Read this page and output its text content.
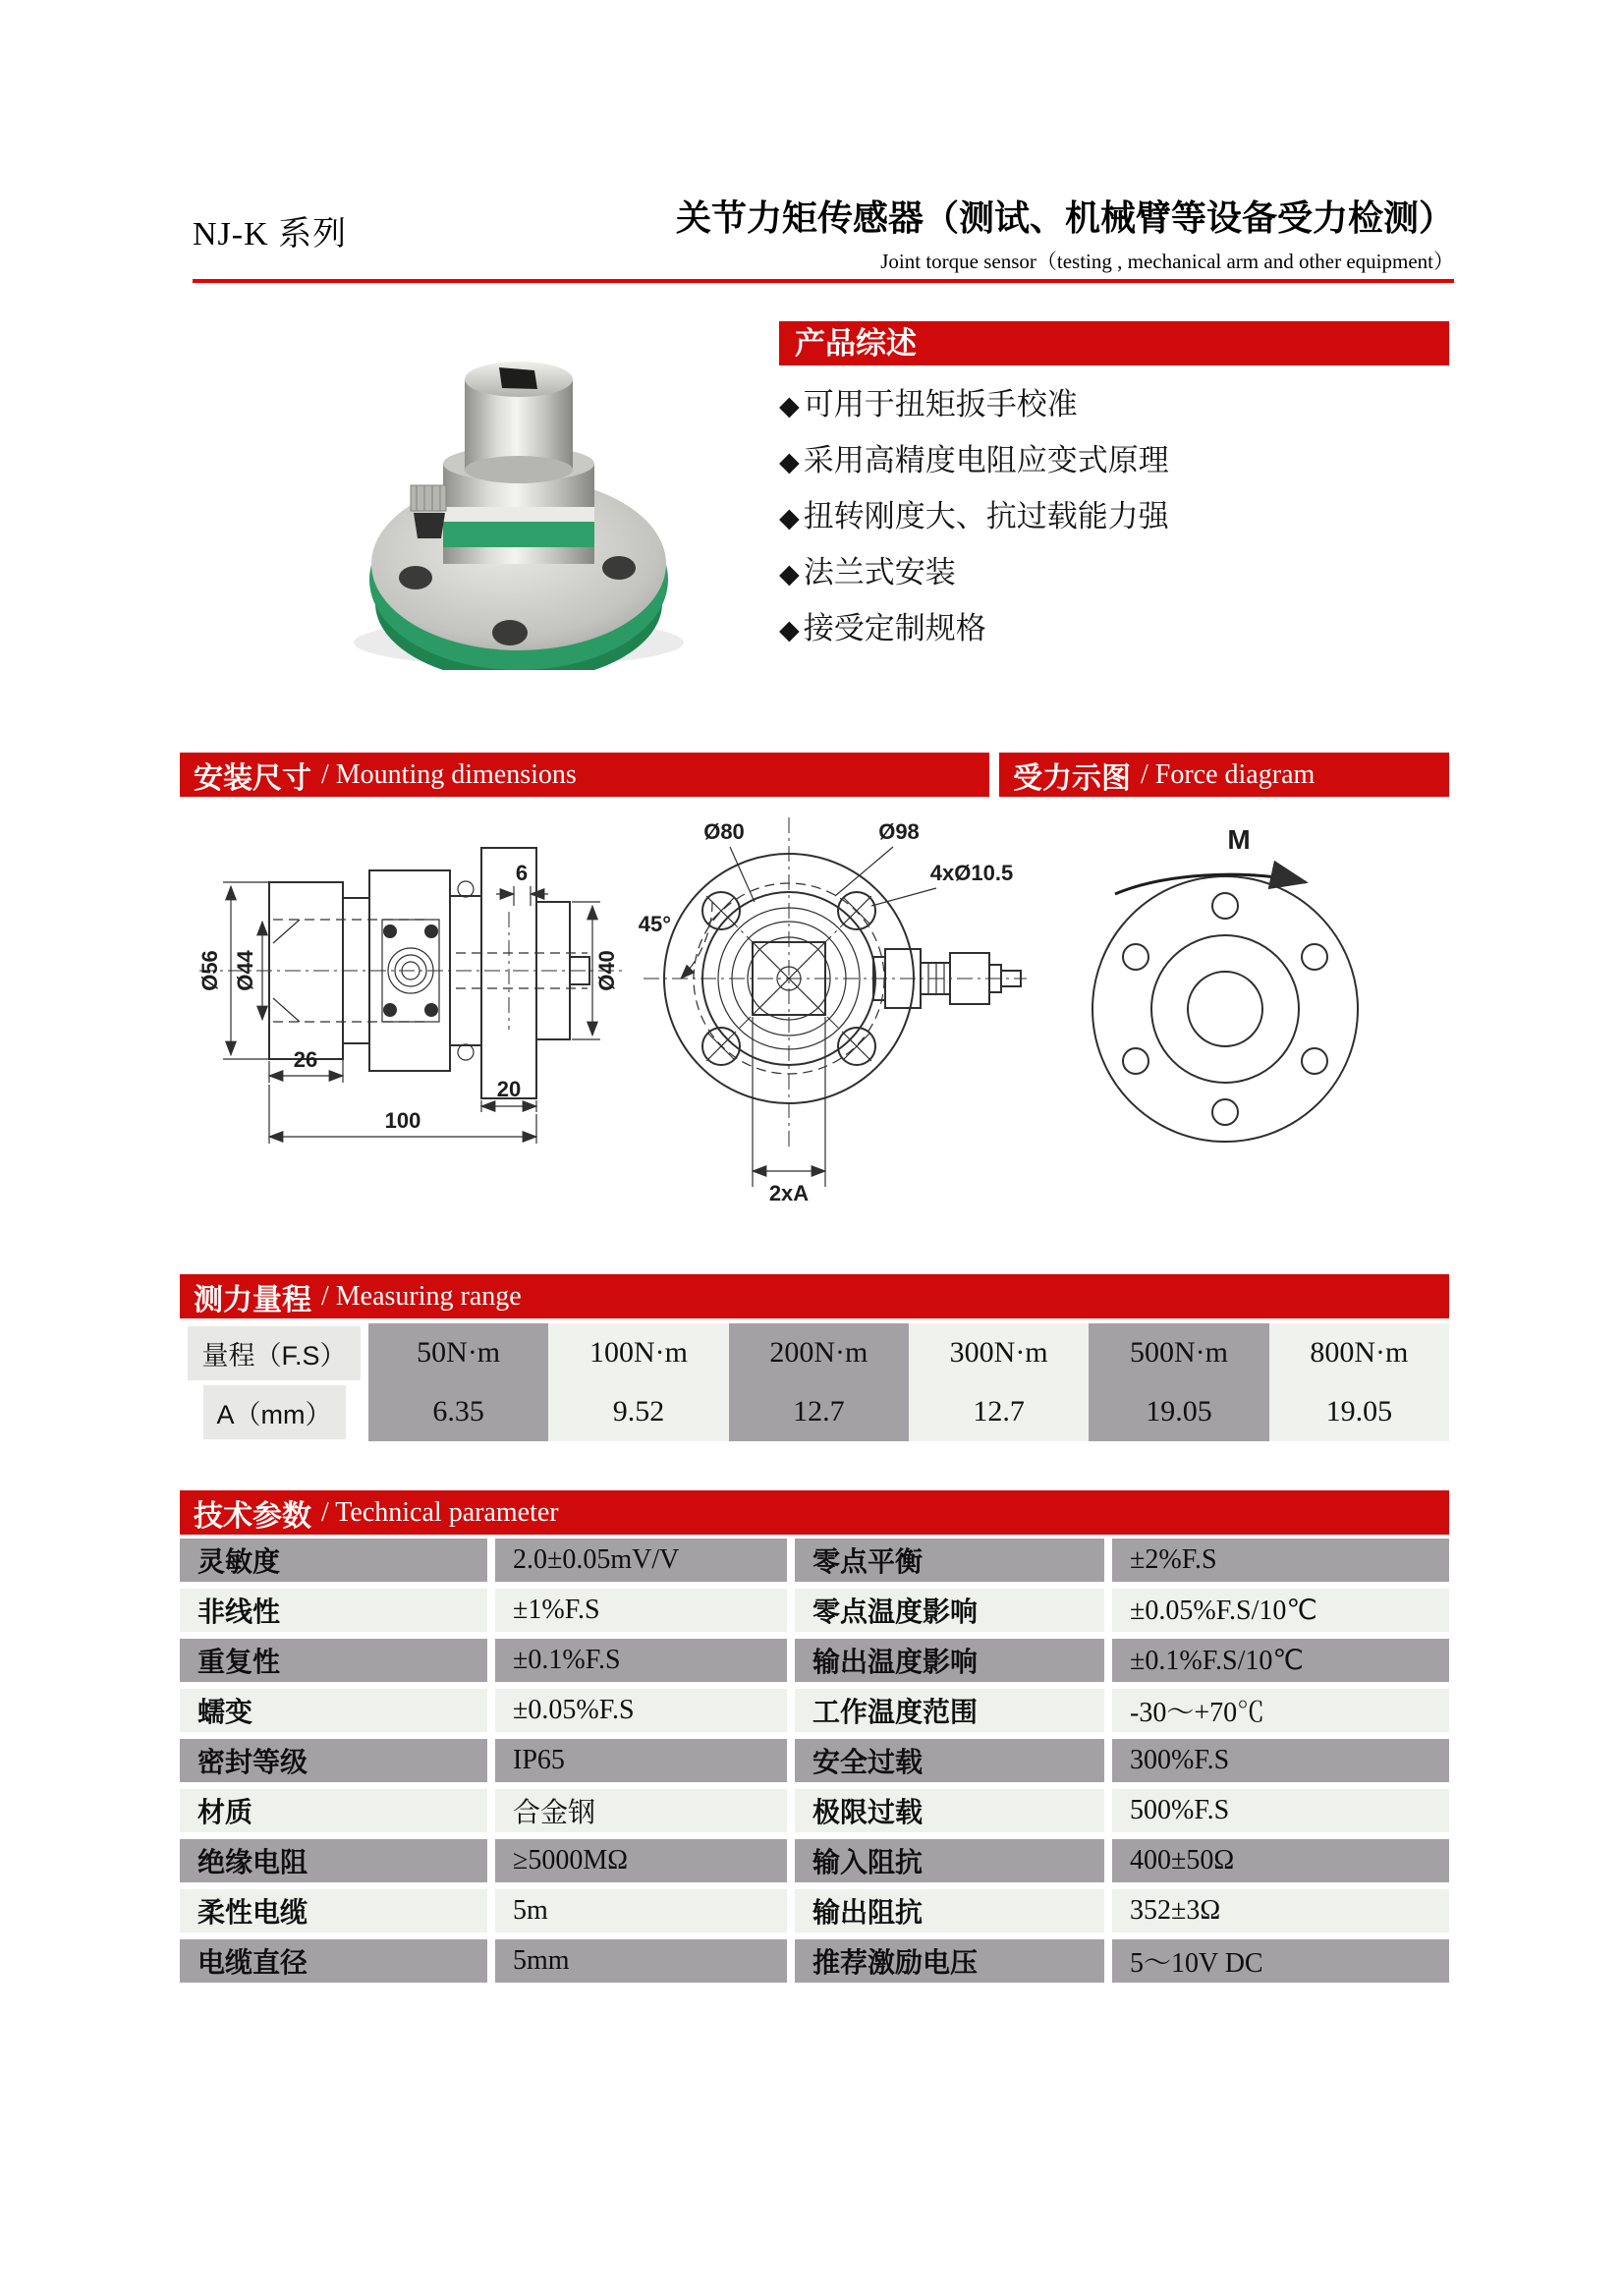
NJ-K 系列	关节力矩传感器（测试、机械臂等设备受力检测）
Joint torque sensor（testing , mechanical arm and other equipment）
产品综述
◆ 可用于扭矩扳手校准
◆ 采用高精度电阻应变式原理
◆ 扭转刚度大、抗过载能力强
◆ 法兰式安装
◆ 接受定制规格
安装尺寸 / Mounting dimensions	受力示图 / Force diagram
Ø56 Ø44
26
20
100
6
Ø40
Ø80	Ø98
4xØ10.5
45°
2xA
M
测力量程 / Measuring range
量程（F.S）	50N·m	100N·m	200N·m	300N·m	500N·m	800N·m
A（mm）	6.35	9.52	12.7	12.7	19.05	19.05
技术参数 / Technical parameter
灵敏度	2.0±0.05mV/V	零点平衡	±2%F.S
非线性	±1%F.S	零点温度影响	±0.05%F.S/10℃
重复性	±0.1%F.S	输出温度影响	±0.1%F.S/10℃
蠕变	±0.05%F.S	工作温度范围	-30～+70℃
密封等级	IP65	安全过载	300%F.S
材质	合金钢	极限过载	500%F.S
绝缘电阻	≥5000MΩ	输入阻抗	400±50Ω
柔性电缆	5m	输出阻抗	352±3Ω
电缆直径	5mm	推荐激励电压	5～10V DC
